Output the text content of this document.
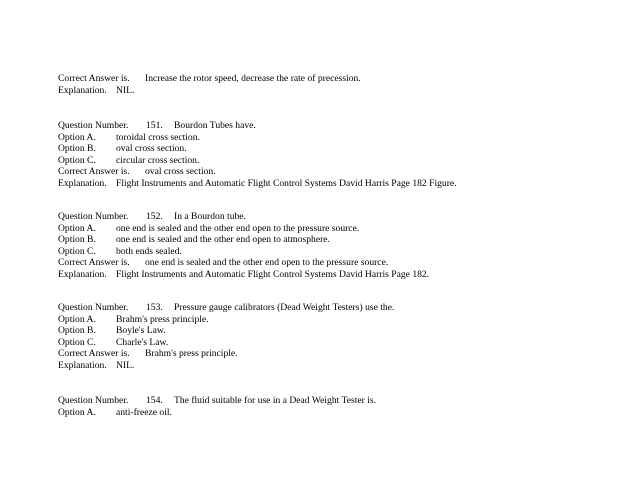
Correct Answer is. Increase the rotor speed, decrease the rate of precession.
Explanation. NIL.
Question Number. 151. Bourdon Tubes have.
Option A. toroidal cross section.
Option B. oval cross section.
Option C. circular cross section.
Correct Answer is. oval cross section.
Explanation. Flight Instruments and Automatic Flight Control Systems David Harris Page 182 Figure.
Question Number. 152. In a Bourdon tube.
Option A. one end is sealed and the other end open to the pressure source.
Option B. one end is sealed and the other end open to atmosphere.
Option C. both ends sealed.
Correct Answer is. one end is sealed and the other end open to the pressure source.
Explanation. Flight Instruments and Automatic Flight Control Systems David Harris Page 182.
Question Number. 153. Pressure gauge calibrators (Dead Weight Testers) use the.
Option A. Brahm's press principle.
Option B. Boyle's Law.
Option C. Charle's Law.
Correct Answer is. Brahm's press principle.
Explanation. NIL.
Question Number. 154. The fluid suitable for use in a Dead Weight Tester is.
Option A. anti-freeze oil.
